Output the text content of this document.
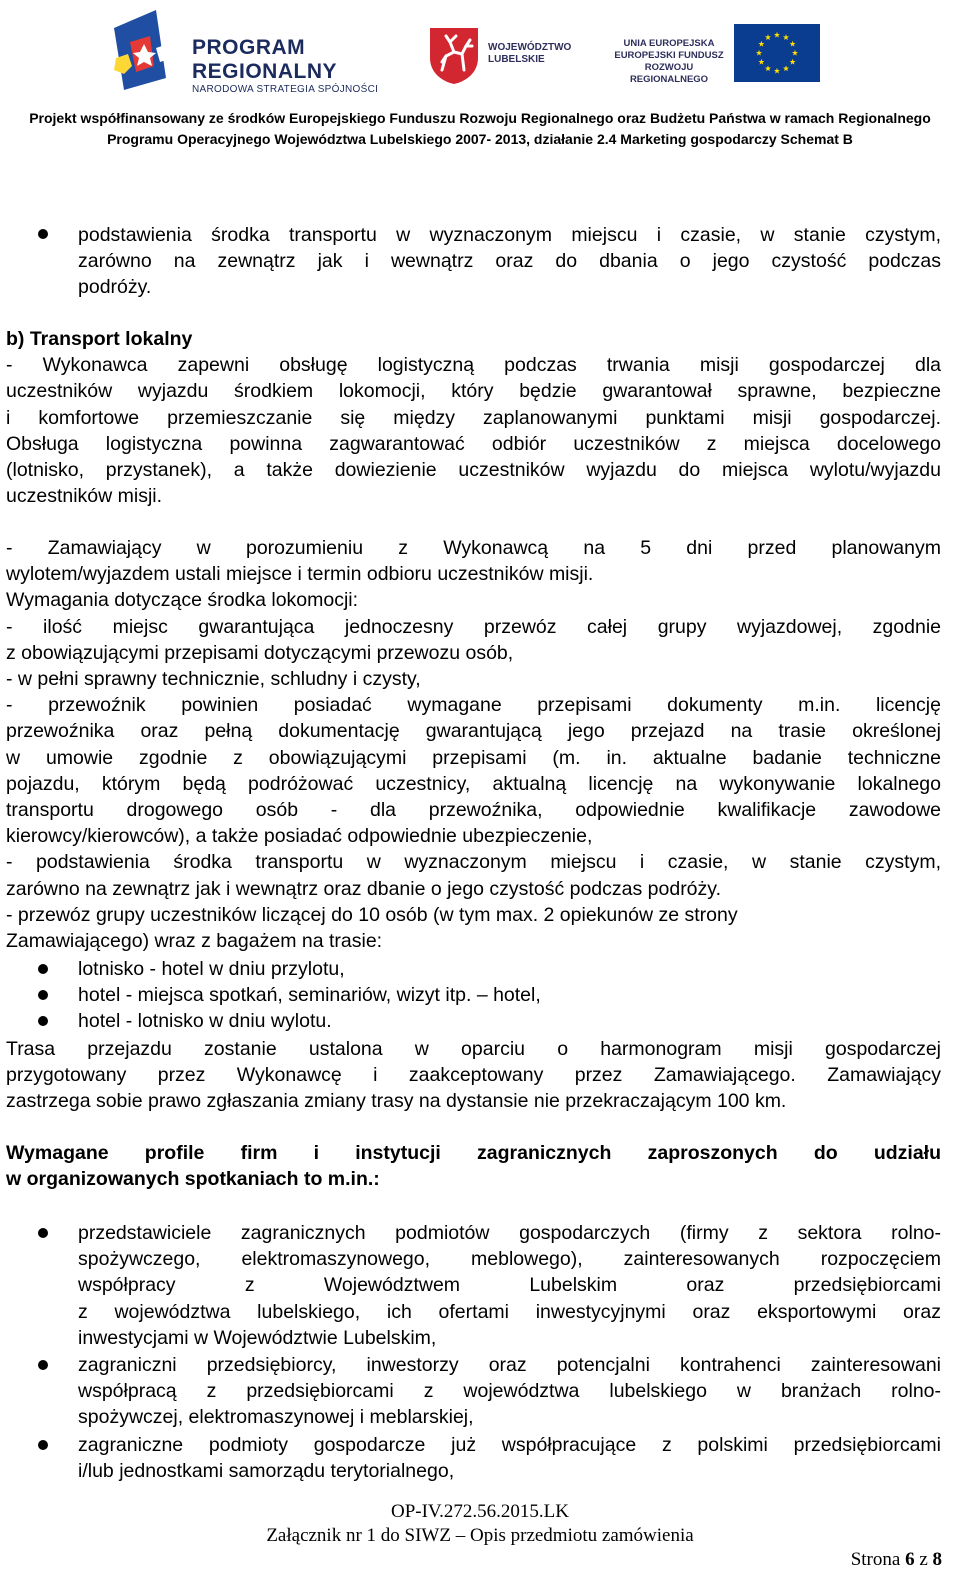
PROGRAM
REGIONALNY
NARODOWA STRATEGIA SPÓJNOŚCI
WOJEWÓDZTWO
LUBELSKIE
UNIA EUROPEJSKA
EUROPEJSKI FUNDUSZ
ROZWOJU REGIONALNEGO
Projekt współfinansowany ze środków Europejskiego Funduszu Rozwoju Regionalnego oraz Budżetu Państwa w ramach Regionalnego
Programu Operacyjnego Województwa Lubelskiego 2007- 2013, działanie 2.4 Marketing gospodarczy Schemat B
podstawienia środka transportu w wyznaczonym miejscu i czasie, w stanie czystym,
zarówno na zewnątrz jak i wewnątrz oraz do dbania o jego czystość podczas
podróży.
b) Transport lokalny
- Wykonawca zapewni obsługę logistyczną podczas trwania misji gospodarczej dla
uczestników wyjazdu środkiem lokomocji, który będzie gwarantował sprawne, bezpieczne
i komfortowe przemieszczanie się między zaplanowanymi punktami misji gospodarczej.
Obsługa logistyczna powinna zagwarantować odbiór uczestników z miejsca docelowego
(lotnisko, przystanek), a także dowiezienie uczestników wyjazdu do miejsca wylotu/wyjazdu
uczestników misji.
- Zamawiający w porozumieniu z Wykonawcą na 5 dni przed planowanym
wylotem/wyjazdem ustali miejsce i termin odbioru uczestników misji.
Wymagania dotyczące środka lokomocji:
- ilość miejsc gwarantująca jednoczesny przewóz całej grupy wyjazdowej, zgodnie
z obowiązującymi przepisami dotyczącymi przewozu osób,
- w pełni sprawny technicznie, schludny i czysty,
- przewoźnik powinien posiadać wymagane przepisami dokumenty m.in. licencję
przewoźnika oraz pełną dokumentację gwarantującą jego przejazd na trasie określonej
w umowie zgodnie z obowiązującymi przepisami (m. in. aktualne badanie techniczne
pojazdu, którym będą podróżować uczestnicy, aktualną licencję na wykonywanie lokalnego
transportu drogowego osób - dla przewoźnika, odpowiednie kwalifikacje zawodowe
kierowcy/kierowców), a także posiadać odpowiednie ubezpieczenie,
- podstawienia środka transportu w wyznaczonym miejscu i czasie, w stanie czystym,
zarówno na zewnątrz jak i wewnątrz oraz dbanie o jego czystość podczas podróży.
- przewóz grupy uczestników liczącej do 10 osób (w tym max. 2 opiekunów ze strony
Zamawiającego) wraz z bagażem na trasie:
lotnisko - hotel w dniu przylotu,
hotel - miejsca spotkań, seminariów, wizyt itp. – hotel,
hotel - lotnisko w dniu wylotu.
Trasa przejazdu zostanie ustalona w oparciu o harmonogram misji gospodarczej
przygotowany przez Wykonawcę i zaakceptowany przez Zamawiającego. Zamawiający
zastrzega sobie prawo zgłaszania zmiany trasy na dystansie nie przekraczającym 100 km.
Wymagane profile firm i instytucji zagranicznych zaproszonych do udziału
w organizowanych spotkaniach to m.in.:
przedstawiciele zagranicznych podmiotów gospodarczych (firmy z sektora rolno-
spożywczego, elektromaszynowego, meblowego), zainteresowanych rozpoczęciem
współpracy z Województwem Lubelskim oraz przedsiębiorcami
z województwa lubelskiego, ich ofertami inwestycyjnymi oraz eksportowymi oraz
inwestycjami w Województwie Lubelskim,
zagraniczni przedsiębiorcy, inwestorzy oraz potencjalni kontrahenci zainteresowani
współpracą z przedsiębiorcami z województwa lubelskiego w branżach rolno-
spożywczej, elektromaszynowej i meblarskiej,
zagraniczne podmioty gospodarcze już współpracujące z polskimi przedsiębiorcami
i/lub jednostkami samorządu terytorialnego,
OP-IV.272.56.2015.LK
Załącznik nr 1 do SIWZ – Opis przedmiotu zamówienia
Strona 6 z 8
